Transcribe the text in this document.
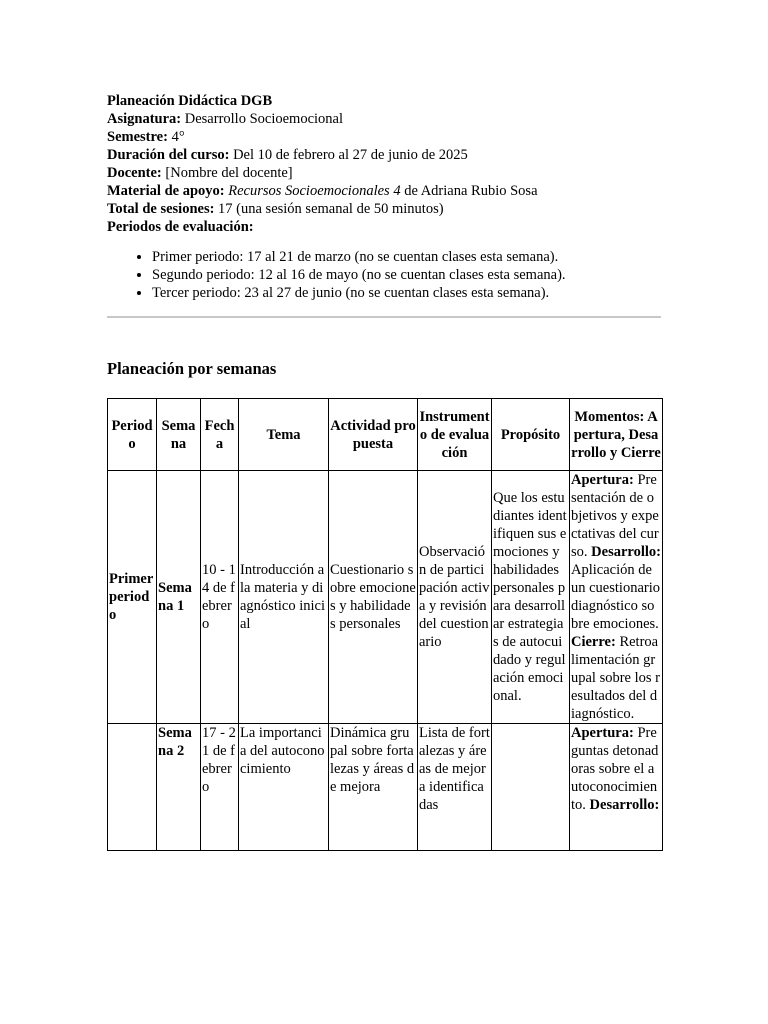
Planeación Didáctica DGB

Asignatura: Desarrollo Socioemocional

Semestre: 4°

Duración del curso: Del 10 de febrero al 27 de junio de 2025

Docente: [Nombre del docente]

Material de apoyo: Recursos Socioemocionales 4 de Adriana Rubio Sosa

Total de sesiones: 17 (una sesión semanal de 50 minutos)

Periodos de evaluación:

• Primer periodo: 17 al 21 de marzo (no se cuentan clases esta semana).
• Segundo periodo: 12 al 16 de mayo (no se cuentan clases esta semana).
• Tercer periodo: 23 al 27 de junio (no se cuentan clases esta semana).
Planeación por semanas
Periodo	Semana	Fecha	Tema	Actividad propuesta	Instrumento de evaluación	Propósito	Momentos: Apertura, Desarrollo y Cierre
Primer periodo	Semana 1	10 - 14 de febrero	Introducción a la materia y diagnóstico inicial	Cuestionario sobre emociones y habilidades personales	Observación de participación activa y revisión del cuestionario	Que los estudiantes identifiquen sus emociones y habilidades personales para desarrollar estrategias de autocuidado y regulación emocional.	Apertura: Presentación de objetivos y expectativas del curso. Desarrollo: Aplicación de un cuestionario diagnóstico sobre emociones. Cierre: Retroalimentación grupal sobre los resultados del diagnóstico.
	Semana 2	17 - 21 de febrero	La importancia del autoconocimiento	Dinámica grupal sobre fortalezas y áreas de mejora	Lista de fortalezas y áreas de mejora identificadas		Apertura: Preguntas detonadoras sobre el autoconocimiento. Desarrollo:
